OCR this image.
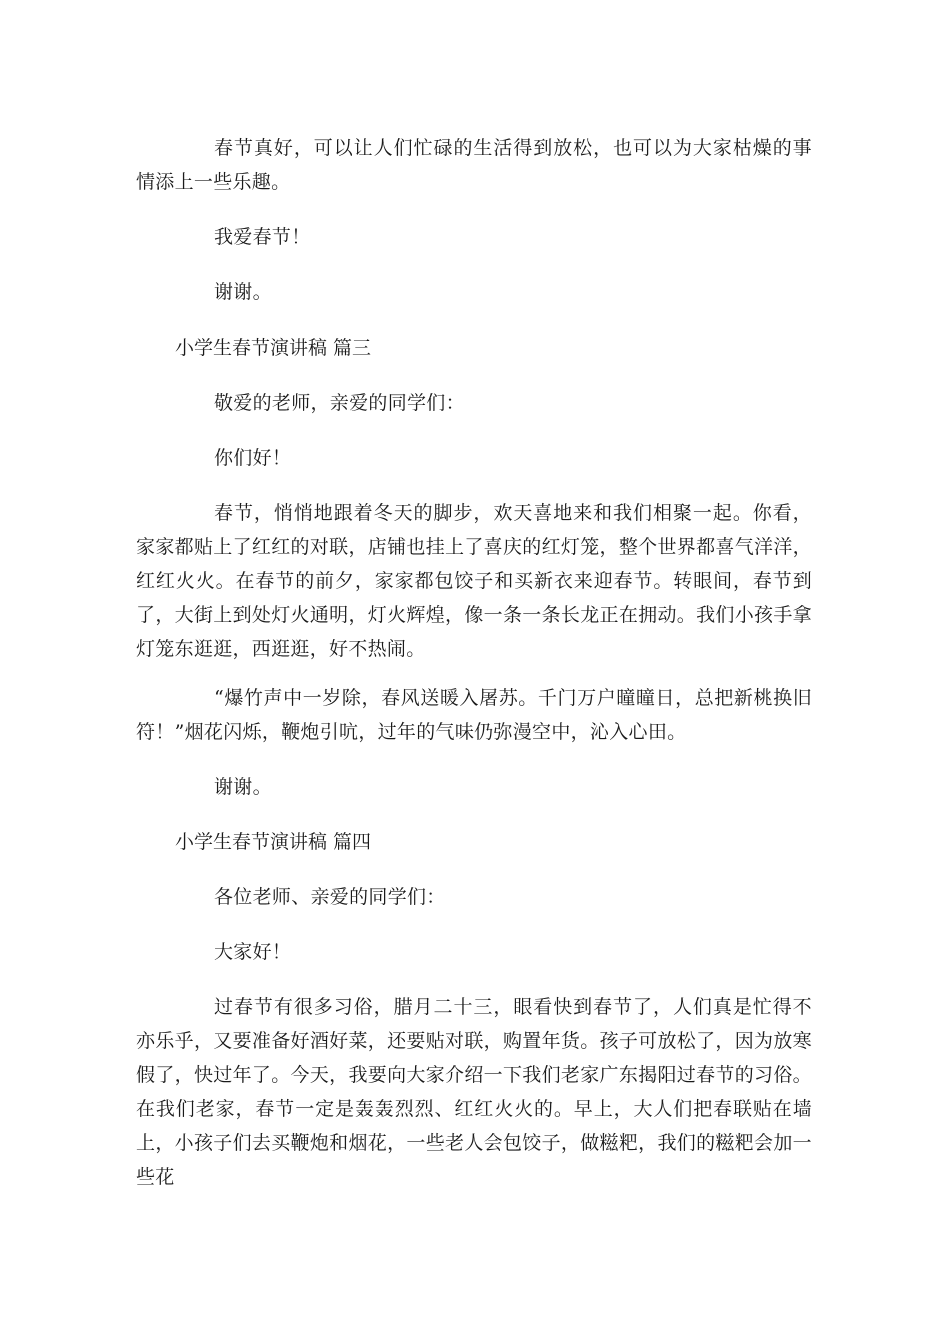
春节真好，可以让人们忙碌的生活得到放松，也可以为大家枯燥的事情添上一些乐趣。

我爱春节！

谢谢。

小学生春节演讲稿 篇三

敬爱的老师，亲爱的同学们：

你们好！

春节，悄悄地跟着冬天的脚步，欢天喜地来和我们相聚一起。你看，家家都贴上了红红的对联，店铺也挂上了喜庆的红灯笼，整个世界都喜气洋洋，红红火火。在春节的前夕，家家都包饺子和买新衣来迎春节。转眼间，春节到了，大街上到处灯火通明，灯火辉煌，像一条一条长龙正在拥动。我们小孩手拿灯笼东逛逛，西逛逛，好不热闹。

“爆竹声中一岁除，春风送暖入屠苏。千门万户曈曈日，总把新桃换旧符！”烟花闪烁，鞭炮引吭，过年的气味仍弥漫空中，沁入心田。

谢谢。

小学生春节演讲稿 篇四

各位老师、亲爱的同学们：

大家好！

过春节有很多习俗，腊月二十三，眼看快到春节了，人们真是忙得不亦乐乎，又要准备好酒好菜，还要贴对联，购置年货。孩子可放松了，因为放寒假了，快过年了。今天，我要向大家介绍一下我们老家广东揭阳过春节的习俗。在我们老家，春节一定是轰轰烈烈、红红火火的。早上，大人们把春联贴在墙上，小孩子们去买鞭炮和烟花，一些老人会包饺子，做糍粑，我们的糍粑会加一些花
